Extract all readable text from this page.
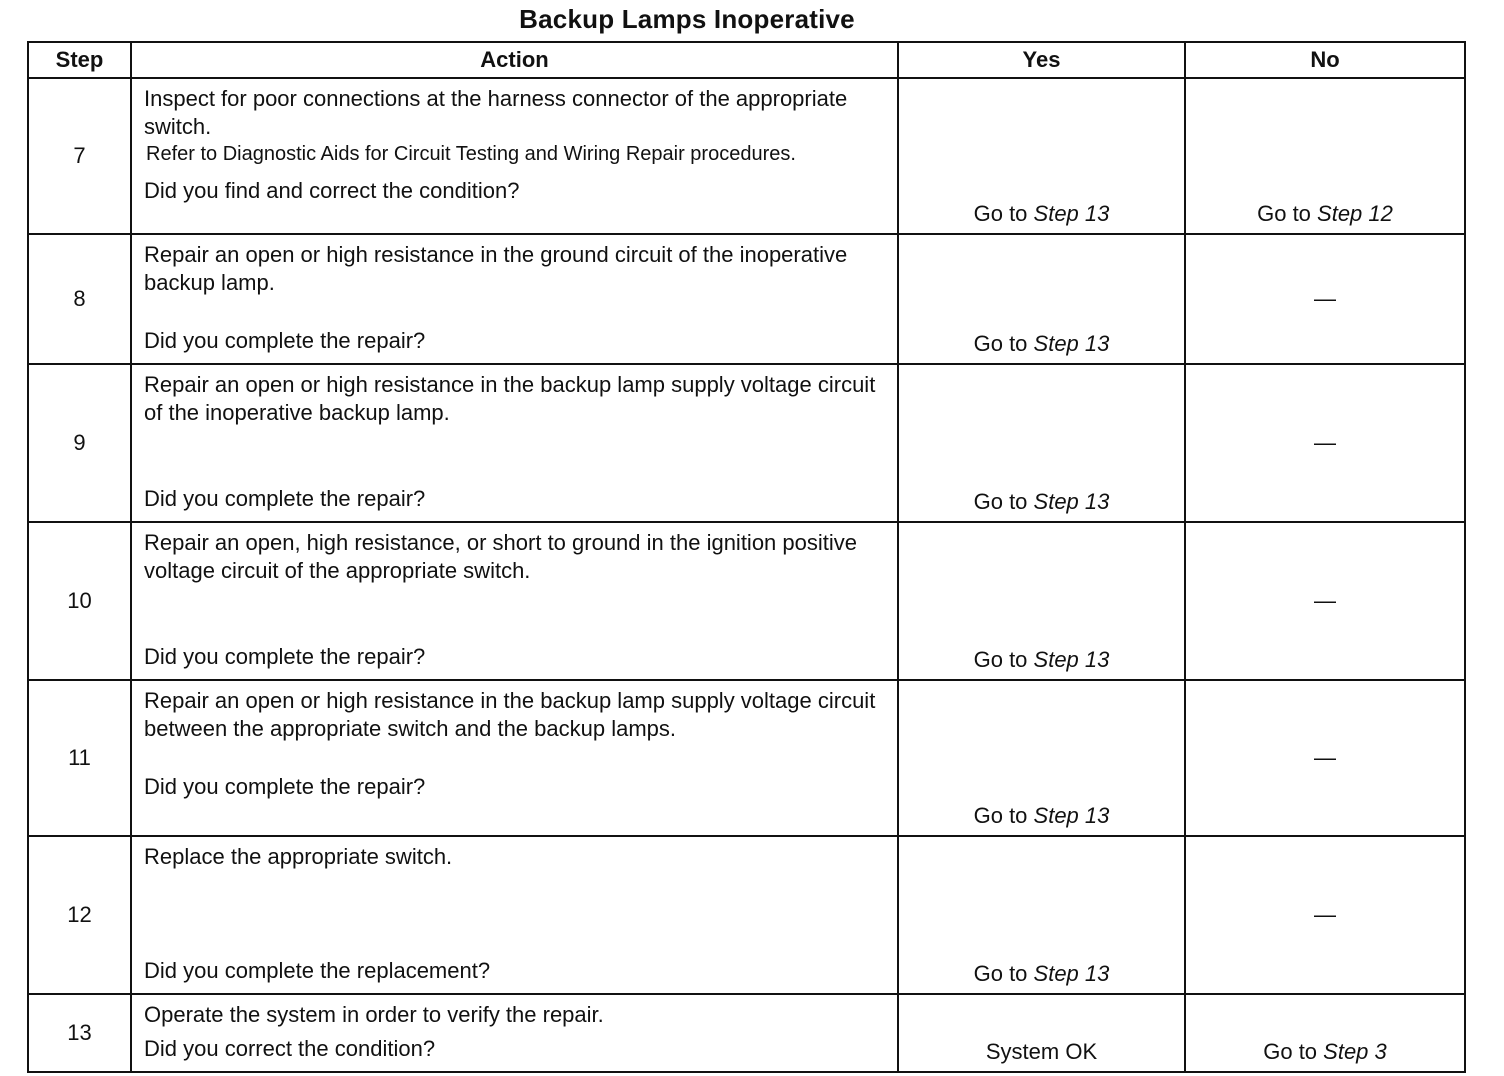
Backup Lamps Inoperative
Step	Action	Yes	No
7	Inspect for poor connections at the harness connector of the appropriate switch.
Refer to Diagnostic Aids for Circuit Testing and Wiring Repair procedures.
Did you find and correct the condition?	Go to Step 13	Go to Step 12
8	Repair an open or high resistance in the ground circuit of the inoperative backup lamp.
Did you complete the repair?	Go to Step 13	—
9	Repair an open or high resistance in the backup lamp supply voltage circuit of the inoperative backup lamp.
Did you complete the repair?	Go to Step 13	—
10	Repair an open, high resistance, or short to ground in the ignition positive voltage circuit of the appropriate switch.
Did you complete the repair?	Go to Step 13	—
11	Repair an open or high resistance in the backup lamp supply voltage circuit between the appropriate switch and the backup lamps.
Did you complete the repair?	Go to Step 13	—
12	Replace the appropriate switch.
Did you complete the replacement?	Go to Step 13	—
13	Operate the system in order to verify the repair.
Did you correct the condition?	System OK	Go to Step 3
